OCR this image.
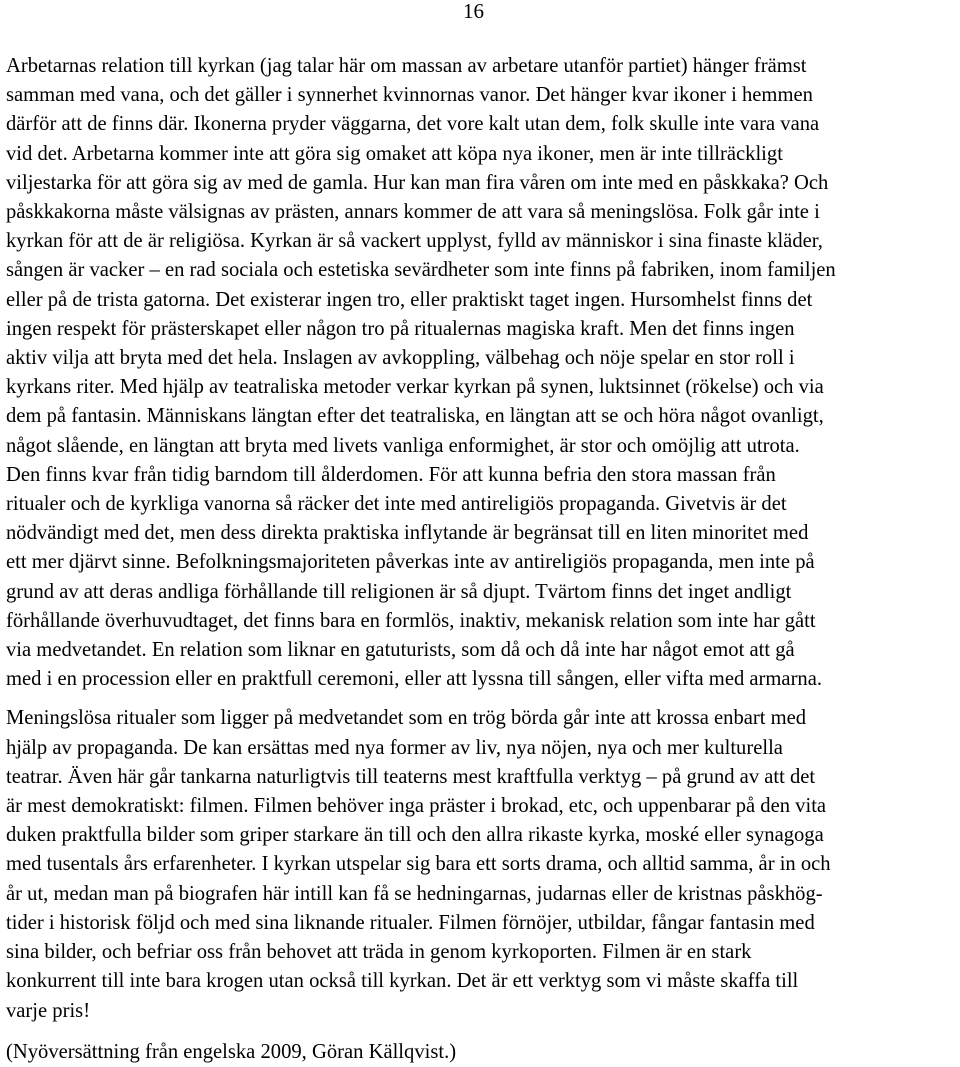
16

Arbetarnas relation till kyrkan (jag talar här om massan av arbetare utanför partiet) hänger främst
samman med vana, och det gäller i synnerhet kvinnornas vanor. Det hänger kvar ikoner i hemmen
därför att de finns där. Ikonerna pryder väggarna, det vore kalt utan dem, folk skulle inte vara vana
vid det. Arbetarna kommer inte att göra sig omaket att köpa nya ikoner, men är inte tillräckligt
viljestarka för att göra sig av med de gamla. Hur kan man fira våren om inte med en påskkaka? Och
påskkakorna måste välsignas av prästen, annars kommer de att vara så meningslösa. Folk går inte i
kyrkan för att de är religiösa. Kyrkan är så vackert upplyst, fylld av människor i sina finaste kläder,
sången är vacker – en rad sociala och estetiska sevärdheter som inte finns på fabriken, inom familjen
eller på de trista gatorna. Det existerar ingen tro, eller praktiskt taget ingen. Hursomhelst finns det
ingen respekt för prästerskapet eller någon tro på ritualernas magiska kraft. Men det finns ingen
aktiv vilja att bryta med det hela. Inslagen av avkoppling, välbehag och nöje spelar en stor roll i
kyrkans riter. Med hjälp av teatraliska metoder verkar kyrkan på synen, luktsinnet (rökelse) och via
dem på fantasin. Människans längtan efter det teatraliska, en längtan att se och höra något ovanligt,
något slående, en längtan att bryta med livets vanliga enformighet, är stor och omöjlig att utrota.
Den finns kvar från tidig barndom till ålderdomen. För att kunna befria den stora massan från
ritualer och de kyrkliga vanorna så räcker det inte med antireligiös propaganda. Givetvis är det
nödvändigt med det, men dess direkta praktiska inflytande är begränsat till en liten minoritet med
ett mer djärvt sinne. Befolkningsmajoriteten påverkas inte av antireligiös propaganda, men inte på
grund av att deras andliga förhållande till religionen är så djupt. Tvärtom finns det inget andligt
förhållande överhuvudtaget, det finns bara en formlös, inaktiv, mekanisk relation som inte har gått
via medvetandet. En relation som liknar en gatuturists, som då och då inte har något emot att gå
med i en procession eller en praktfull ceremoni, eller att lyssna till sången, eller vifta med armarna.

Meningslösa ritualer som ligger på medvetandet som en trög börda går inte att krossa enbart med
hjälp av propaganda. De kan ersättas med nya former av liv, nya nöjen, nya och mer kulturella
teatrar. Även här går tankarna naturligtvis till teaterns mest kraftfulla verktyg – på grund av att det
är mest demokratiskt: filmen. Filmen behöver inga präster i brokad, etc, och uppenbarar på den vita
duken praktfulla bilder som griper starkare än till och den allra rikaste kyrka, moské eller synagoga
med tusentals års erfarenheter. I kyrkan utspelar sig bara ett sorts drama, och alltid samma, år in och
år ut, medan man på biografen här intill kan få se hedningarnas, judarnas eller de kristnas påskhög-
tider i historisk följd och med sina liknande ritualer. Filmen förnöjer, utbildar, fångar fantasin med
sina bilder, och befriar oss från behovet att träda in genom kyrkoporten. Filmen är en stark
konkurrent till inte bara krogen utan också till kyrkan. Det är ett verktyg som vi måste skaffa till
varje pris!

(Nyöversättning från engelska 2009, Göran Källqvist.)
